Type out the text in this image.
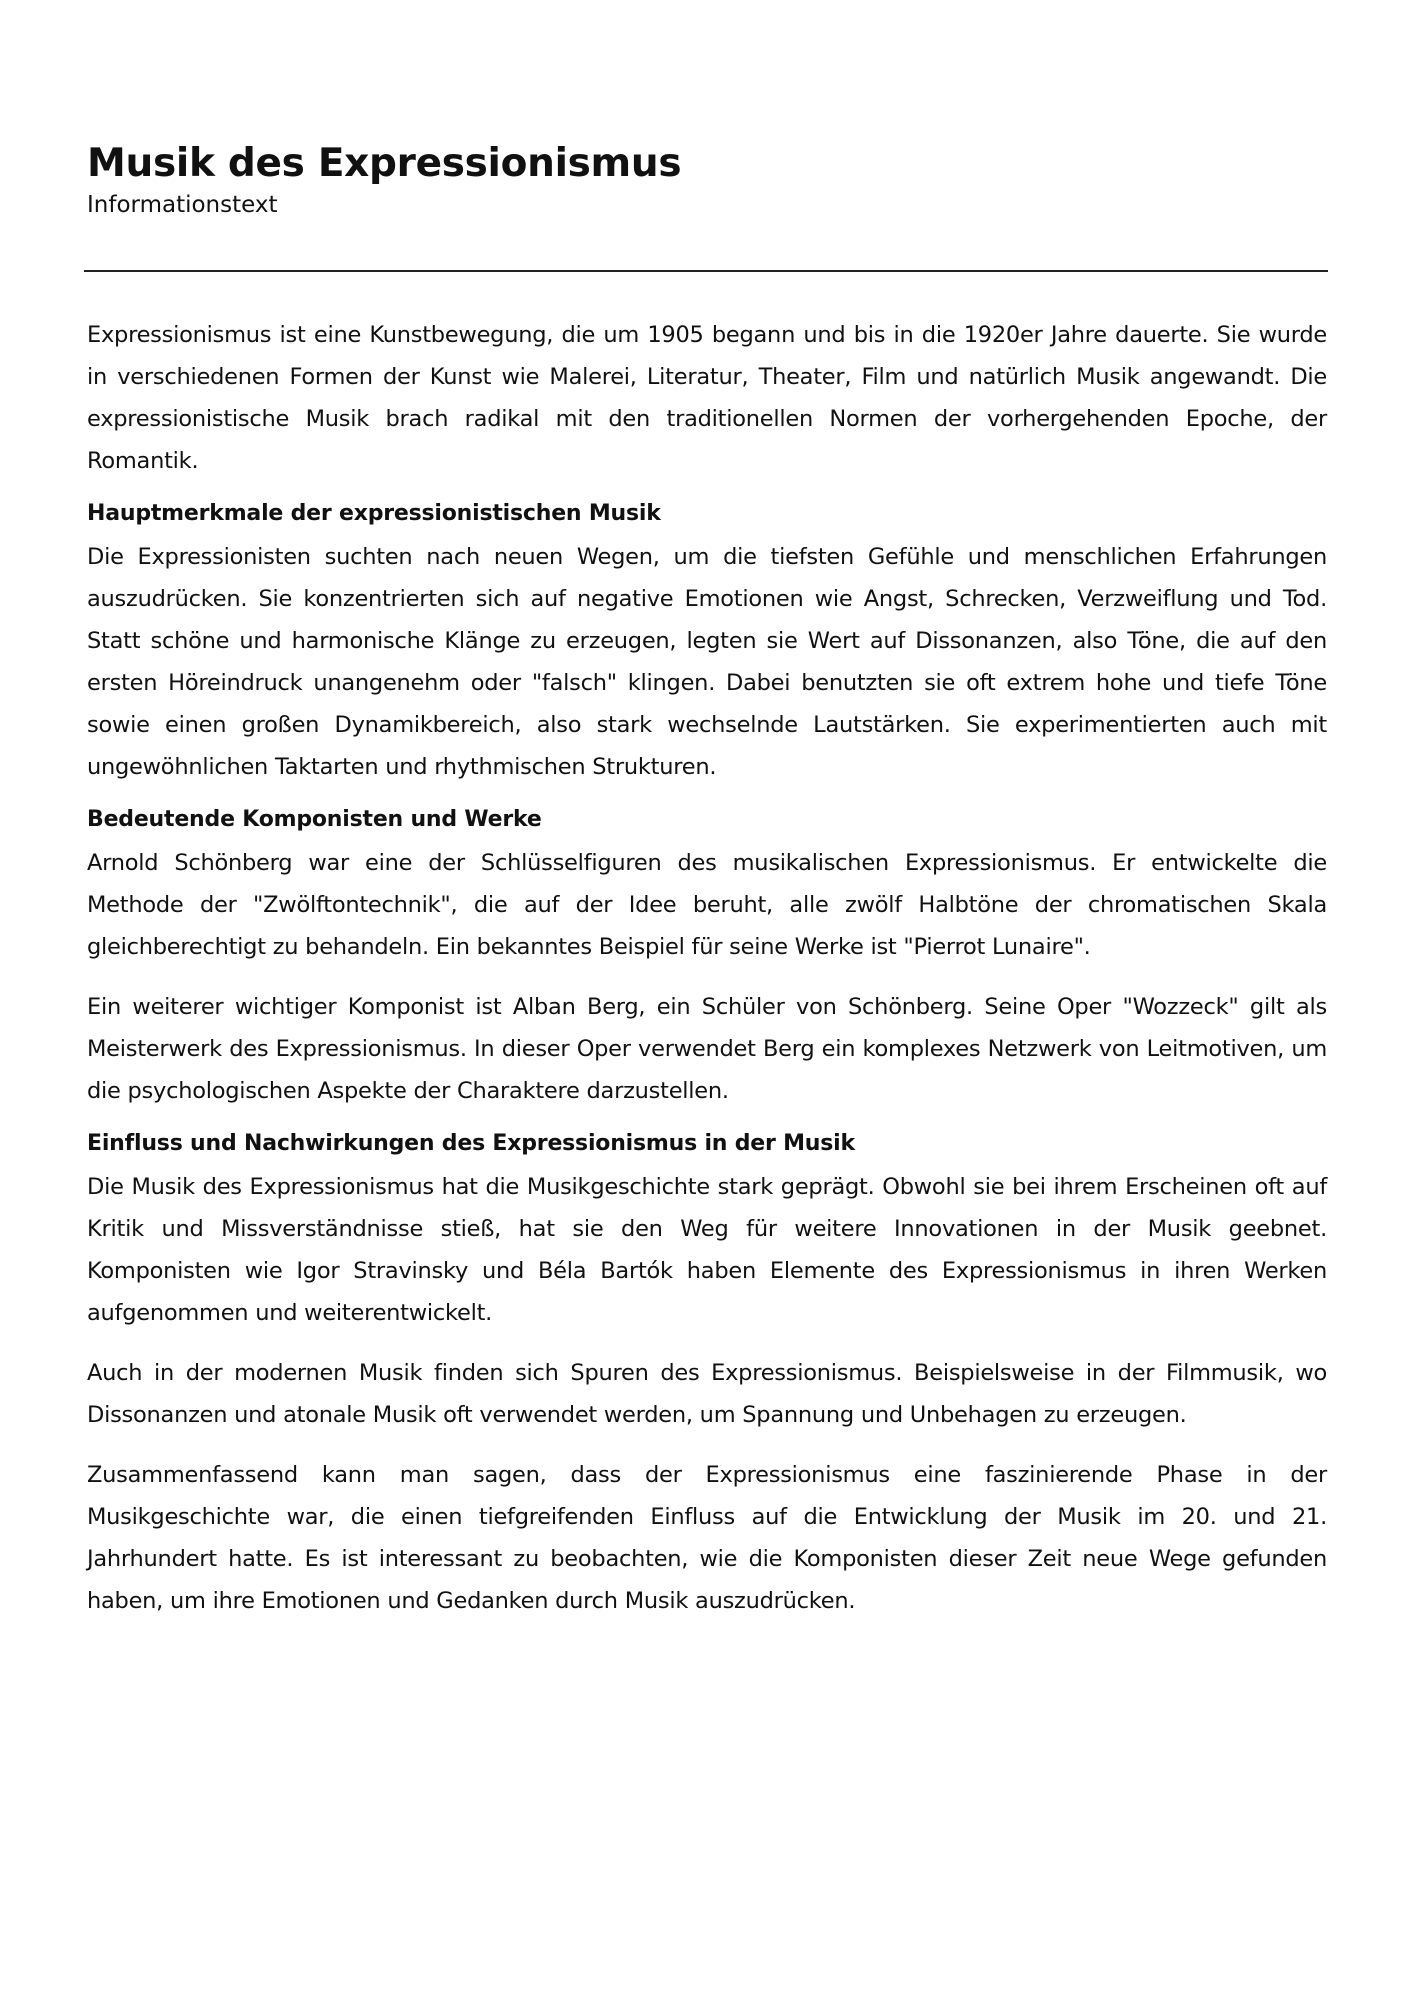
Musik des Expressionismus
Informationstext

Expressionismus ist eine Kunstbewegung, die um 1905 begann und bis in die 1920er Jahre dauerte. Sie wurde in verschiedenen Formen der Kunst wie Malerei, Literatur, Theater, Film und natürlich Musik angewandt. Die expressionistische Musik brach radikal mit den traditionellen Normen der vorhergehenden Epoche, der Romantik.

Hauptmerkmale der expressionistischen Musik

Die Expressionisten suchten nach neuen Wegen, um die tiefsten Gefühle und menschlichen Erfahrungen auszudrücken. Sie konzentrierten sich auf negative Emotionen wie Angst, Schrecken, Verzweiflung und Tod. Statt schöne und harmonische Klänge zu erzeugen, legten sie Wert auf Dissonanzen, also Töne, die auf den ersten Höreindruck unangenehm oder "falsch" klingen. Dabei benutzten sie oft extrem hohe und tiefe Töne sowie einen großen Dynamikbereich, also stark wechselnde Lautstärken. Sie experimentierten auch mit ungewöhnlichen Taktarten und rhythmischen Strukturen.

Bedeutende Komponisten und Werke

Arnold Schönberg war eine der Schlüsselfiguren des musikalischen Expressionismus. Er entwickelte die Methode der "Zwölftontechnik", die auf der Idee beruht, alle zwölf Halbtöne der chromatischen Skala gleichberechtigt zu behandeln. Ein bekanntes Beispiel für seine Werke ist "Pierrot Lunaire".

Ein weiterer wichtiger Komponist ist Alban Berg, ein Schüler von Schönberg. Seine Oper "Wozzeck" gilt als Meisterwerk des Expressionismus. In dieser Oper verwendet Berg ein komplexes Netzwerk von Leitmotiven, um die psychologischen Aspekte der Charaktere darzustellen.

Einfluss und Nachwirkungen des Expressionismus in der Musik

Die Musik des Expressionismus hat die Musikgeschichte stark geprägt. Obwohl sie bei ihrem Erscheinen oft auf Kritik und Missverständnisse stieß, hat sie den Weg für weitere Innovationen in der Musik geebnet. Komponisten wie Igor Stravinsky und Béla Bartók haben Elemente des Expressionismus in ihren Werken aufgenommen und weiterentwickelt.

Auch in der modernen Musik finden sich Spuren des Expressionismus. Beispielsweise in der Filmmusik, wo Dissonanzen und atonale Musik oft verwendet werden, um Spannung und Unbehagen zu erzeugen.

Zusammenfassend kann man sagen, dass der Expressionismus eine faszinierende Phase in der Musikgeschichte war, die einen tiefgreifenden Einfluss auf die Entwicklung der Musik im 20. und 21. Jahrhundert hatte. Es ist interessant zu beobachten, wie die Komponisten dieser Zeit neue Wege gefunden haben, um ihre Emotionen und Gedanken durch Musik auszudrücken.
